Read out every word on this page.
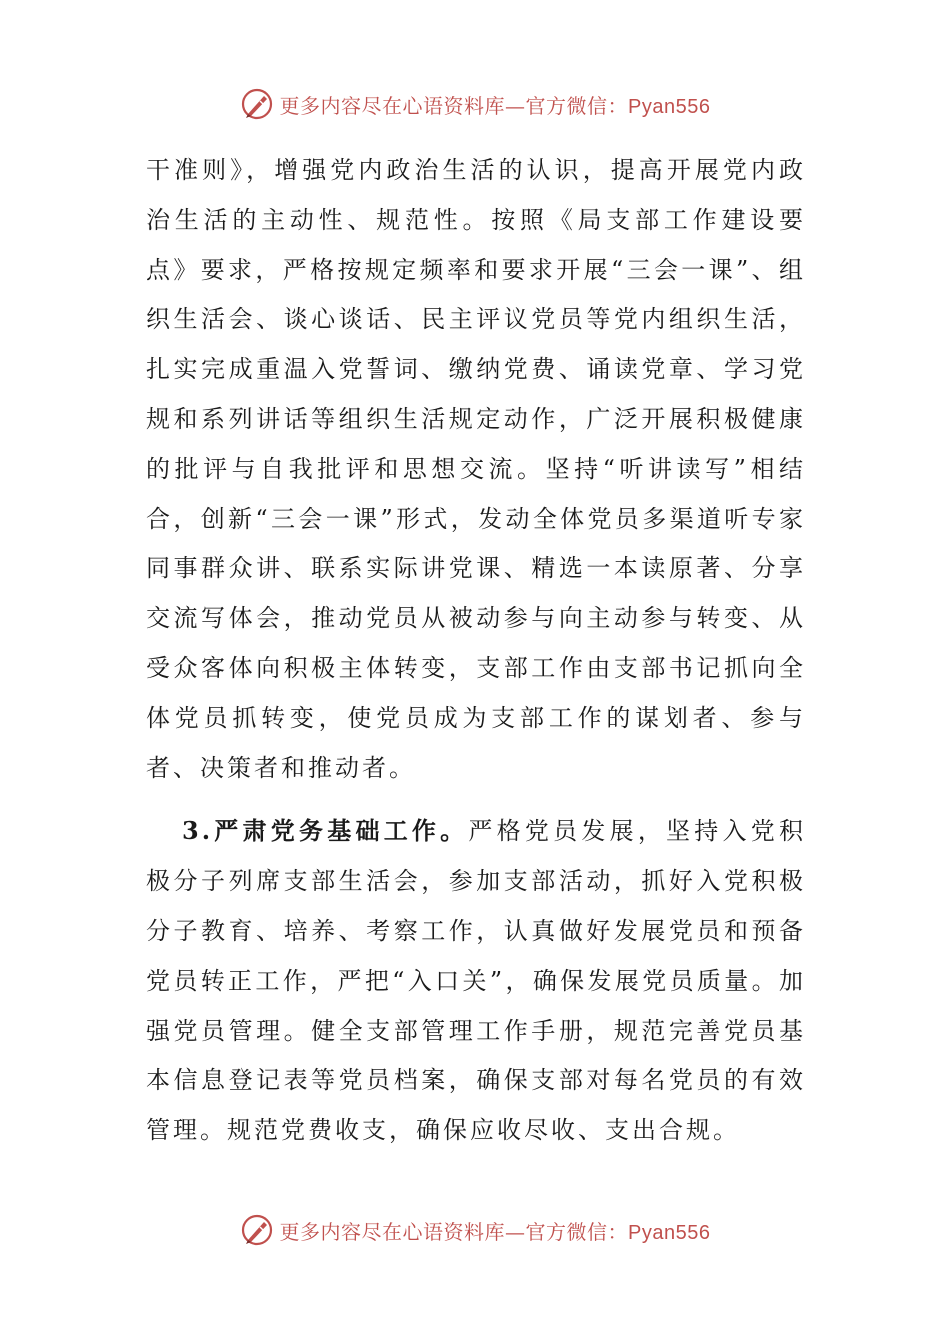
更多内容尽在心语资料库—官方微信：Pyan556

干准则》，增强党内政治生活的认识，提高开展党内政治生活的主动性、规范性。按照《局支部工作建设要点》要求，严格按规定频率和要求开展“三会一课”、组织生活会、谈心谈话、民主评议党员等党内组织生活，扎实完成重温入党誓词、缴纳党费、诵读党章、学习党规和系列讲话等组织生活规定动作，广泛开展积极健康的批评与自我批评和思想交流。坚持“听讲读写”相结合，创新“三会一课”形式，发动全体党员多渠道听专家同事群众讲、联系实际讲党课、精选一本读原著、分享交流写体会，推动党员从被动参与向主动参与转变、从受众客体向积极主体转变，支部工作由支部书记抓向全体党员抓转变，使党员成为支部工作的谋划者、参与者、决策者和推动者。

3.严肃党务基础工作。严格党员发展，坚持入党积极分子列席支部生活会，参加支部活动，抓好入党积极分子教育、培养、考察工作，认真做好发展党员和预备党员转正工作，严把“入口关”，确保发展党员质量。加强党员管理。健全支部管理工作手册，规范完善党员基本信息登记表等党员档案，确保支部对每名党员的有效管理。规范党费收支，确保应收尽收、支出合规。

更多内容尽在心语资料库—官方微信：Pyan556
